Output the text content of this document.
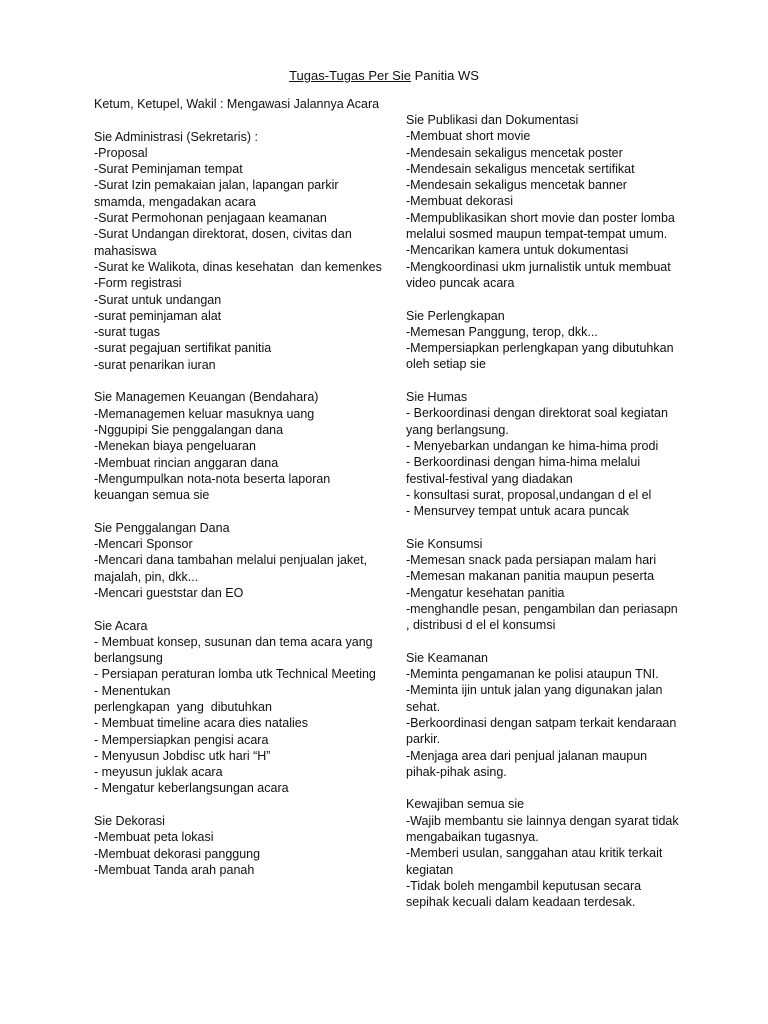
Tugas-Tugas Per Sie Panitia WS
Ketum, Ketupel, Wakil : Mengawasi Jalannya Acara
Sie Administrasi (Sekretaris) :
-Proposal
-Surat Peminjaman tempat
-Surat Izin pemakaian jalan, lapangan parkir smamda, mengadakan acara
-Surat Permohonan penjagaan keamanan
-Surat Undangan direktorat, dosen, civitas dan mahasiswa
-Surat ke Walikota, dinas kesehatan  dan kemenkes
-Form registrasi
-Surat untuk undangan
-surat peminjaman alat
-surat tugas
-surat pegajuan sertifikat panitia
-surat penarikan iuran
Sie Managemen Keuangan (Bendahara)
-Memanagemen keluar masuknya uang
-Nggupipi Sie penggalangan dana
-Menekan biaya pengeluaran
-Membuat rincian anggaran dana
-Mengumpulkan nota-nota beserta laporan keuangan semua sie
Sie Penggalangan Dana
-Mencari Sponsor
-Mencari dana tambahan melalui penjualan jaket, majalah, pin, dkk...
-Mencari gueststar dan EO
Sie Acara
- Membuat konsep, susunan dan tema acara yang berlangsung
- Persiapan peraturan lomba utk Technical Meeting
- Menentukan
perlengkapan  yang  dibutuhkan
- Membuat timeline acara dies natalies
- Mempersiapkan pengisi acara
- Menyusun Jobdisc utk hari “H”
- meyusun juklak acara
- Mengatur keberlangsungan acara
Sie Dekorasi
-Membuat peta lokasi
-Membuat dekorasi panggung
-Membuat Tanda arah panah
Sie Publikasi dan Dokumentasi
-Membuat short movie
-Mendesain sekaligus mencetak poster
-Mendesain sekaligus mencetak sertifikat
-Mendesain sekaligus mencetak banner
-Membuat dekorasi
-Mempublikasikan short movie dan poster lomba melalui sosmed maupun tempat-tempat umum.
-Mencarikan kamera untuk dokumentasi
-Mengkoordinasi ukm jurnalistik untuk membuat video puncak acara
Sie Perlengkapan
-Memesan Panggung, terop, dkk...
-Mempersiapkan perlengkapan yang dibutuhkan oleh setiap sie
Sie Humas
- Berkoordinasi dengan direktorat soal kegiatan yang berlangsung.
- Menyebarkan undangan ke hima-hima prodi
- Berkoordinasi dengan hima-hima melalui festival-festival yang diadakan
- konsultasi surat, proposal,undangan d el el
- Mensurvey tempat untuk acara puncak
Sie Konsumsi
-Memesan snack pada persiapan malam hari
-Memesan makanan panitia maupun peserta
-Mengatur kesehatan panitia
-menghandle pesan, pengambilan dan periasapn , distribusi d el el konsumsi
Sie Keamanan
-Meminta pengamanan ke polisi ataupun TNI.
-Meminta ijin untuk jalan yang digunakan jalan sehat.
-Berkoordinasi dengan satpam terkait kendaraan parkir.
-Menjaga area dari penjual jalanan maupun pihak-pihak asing.
Kewajiban semua sie
-Wajib membantu sie lainnya dengan syarat tidak mengabaikan tugasnya.
-Memberi usulan, sanggahan atau kritik terkait kegiatan
-Tidak boleh mengambil keputusan secara sepihak kecuali dalam keadaan terdesak.
